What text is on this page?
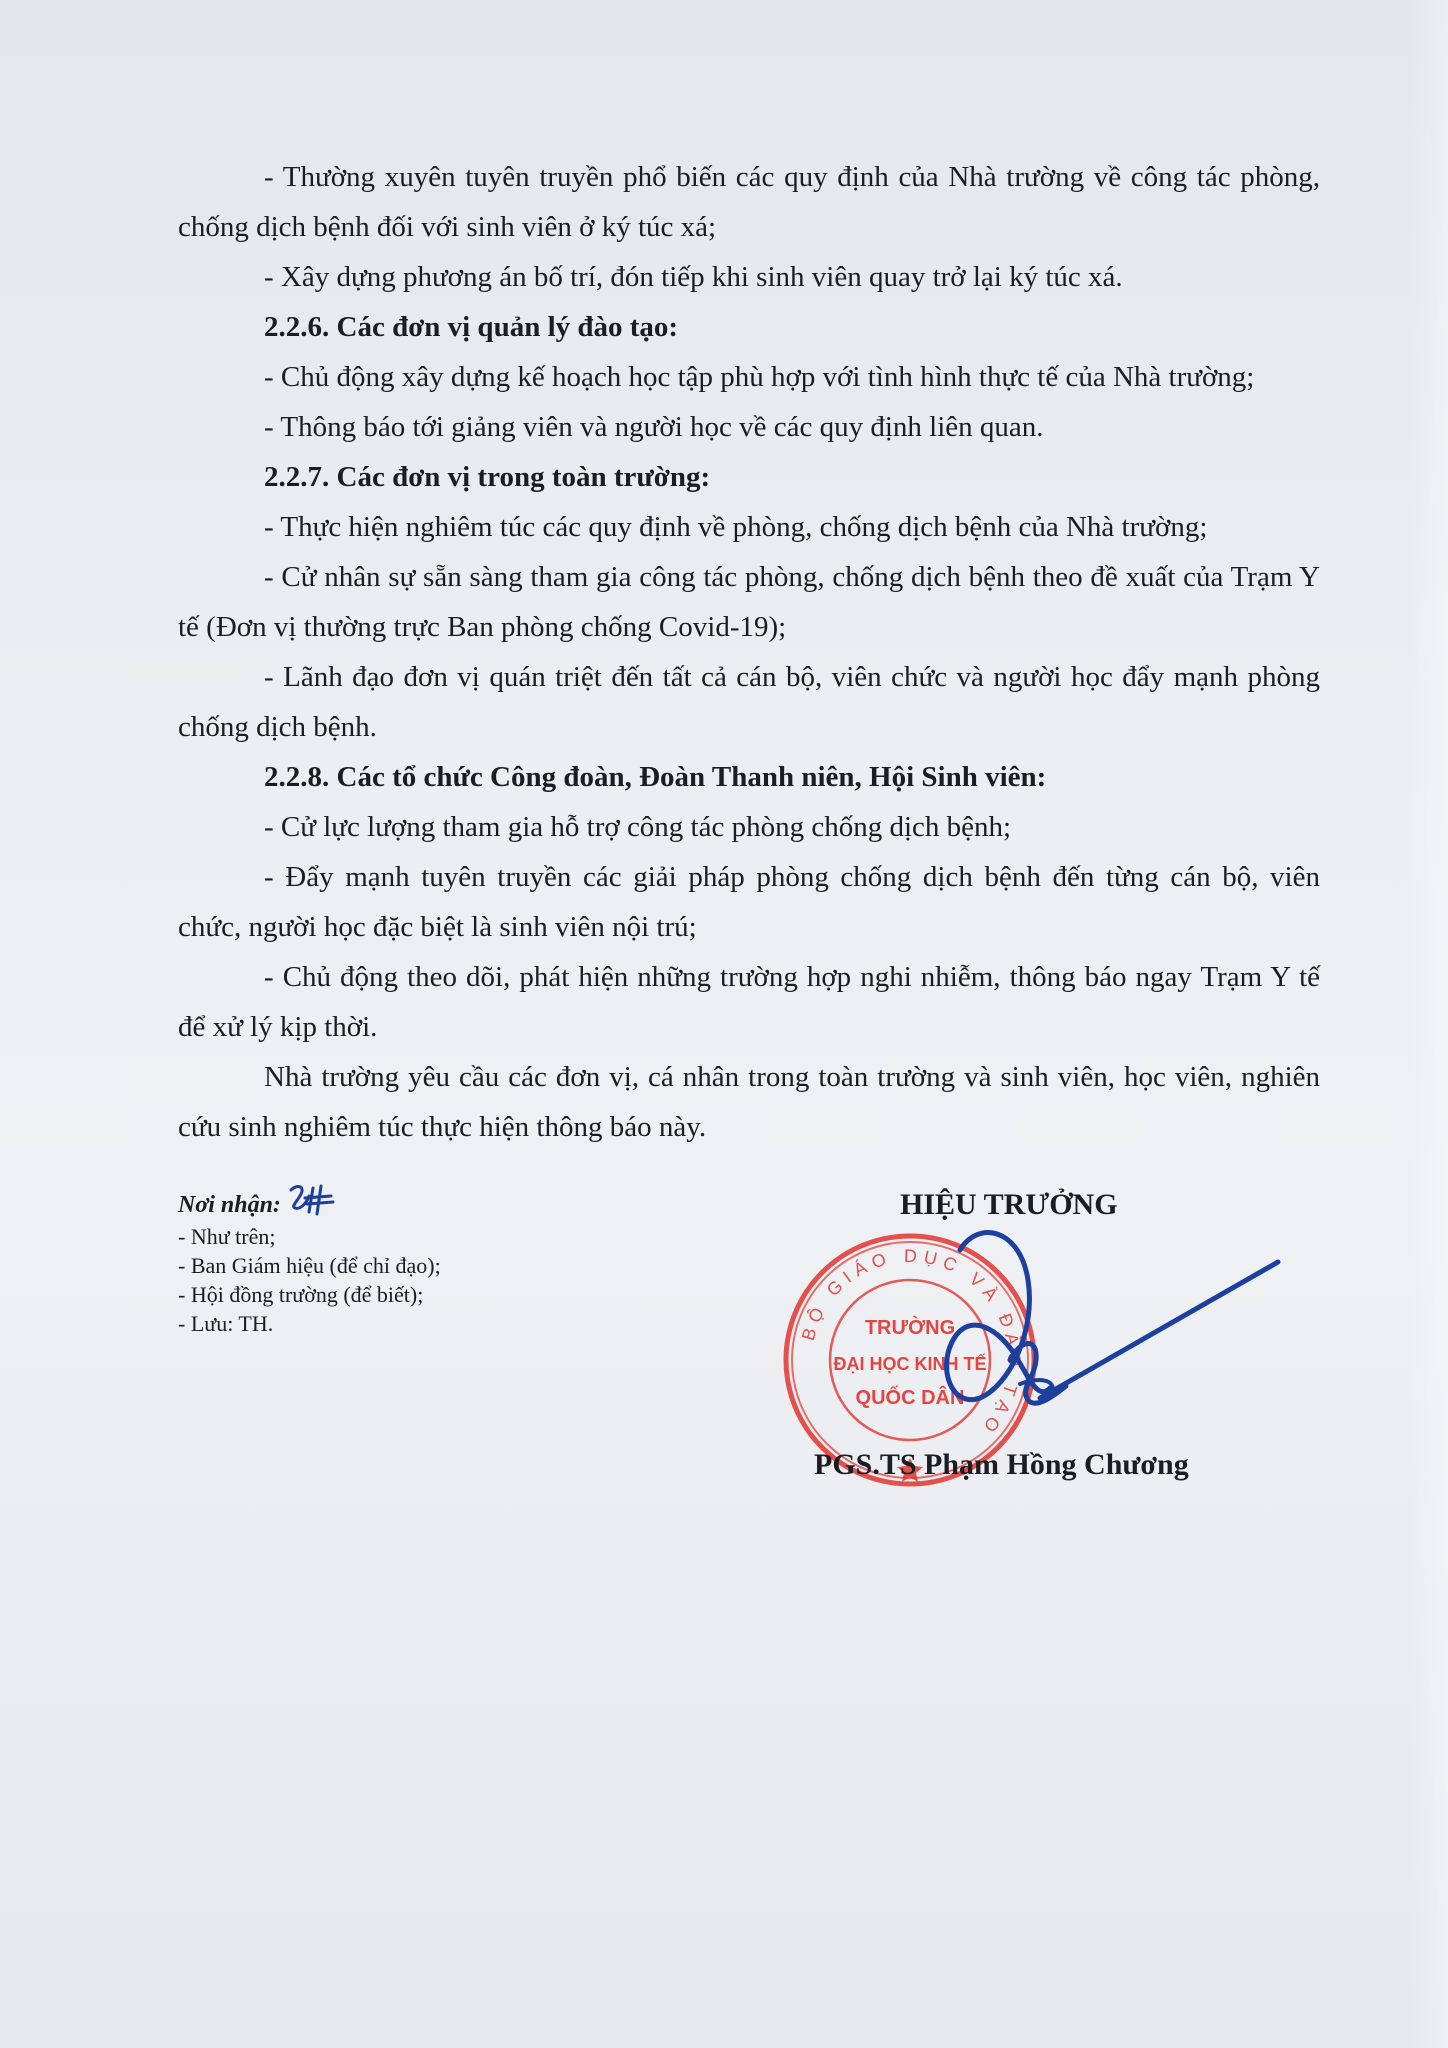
- Thường xuyên tuyên truyền phổ biến các quy định của Nhà trường về công tác phòng, chống dịch bệnh đối với sinh viên ở ký túc xá;

- Xây dựng phương án bố trí, đón tiếp khi sinh viên quay trở lại ký túc xá.

2.2.6. Các đơn vị quản lý đào tạo:

- Chủ động xây dựng kế hoạch học tập phù hợp với tình hình thực tế của Nhà trường;

- Thông báo tới giảng viên và người học về các quy định liên quan.

2.2.7. Các đơn vị trong toàn trường:

- Thực hiện nghiêm túc các quy định về phòng, chống dịch bệnh của Nhà trường;

- Cử nhân sự sẵn sàng tham gia công tác phòng, chống dịch bệnh theo đề xuất của Trạm Y tế (Đơn vị thường trực Ban phòng chống Covid-19);

- Lãnh đạo đơn vị quán triệt đến tất cả cán bộ, viên chức và người học đẩy mạnh phòng chống dịch bệnh.

2.2.8. Các tổ chức Công đoàn, Đoàn Thanh niên, Hội Sinh viên:

- Cử lực lượng tham gia hỗ trợ công tác phòng chống dịch bệnh;

- Đẩy mạnh tuyên truyền các giải pháp phòng chống dịch bệnh đến từng cán bộ, viên chức, người học đặc biệt là sinh viên nội trú;

- Chủ động theo dõi, phát hiện những trường hợp nghi nhiễm, thông báo ngay Trạm Y tế để xử lý kịp thời.

Nhà trường yêu cầu các đơn vị, cá nhân trong toàn trường và sinh viên, học viên, nghiên cứu sinh nghiêm túc thực hiện thông báo này.

Nơi nhận:
- Như trên;
- Ban Giám hiệu (để chỉ đạo);
- Hội đồng trường (để biết);
- Lưu: TH.
HIỆU TRƯỞNG
BỘ GIÁO DỤC VÀ ĐÀO TẠO
TRƯỜNG
ĐẠI HỌC KINH TẾ
QUỐC DÂN
PGS.TS Phạm Hồng Chương
